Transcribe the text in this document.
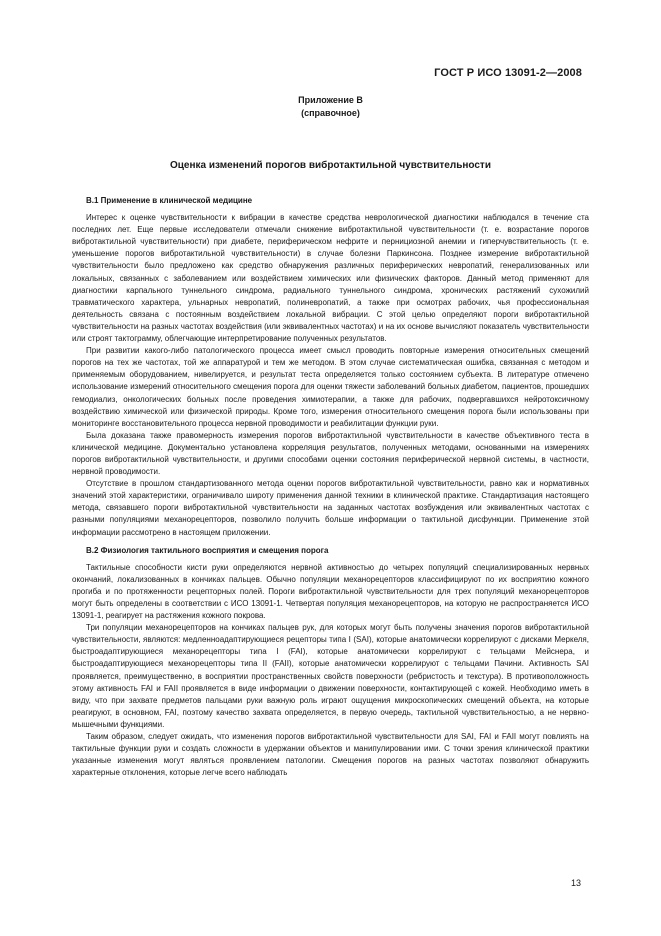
ГОСТ Р ИСО 13091-2—2008
Приложение В
(справочное)
Оценка изменений порогов вибротактильной чувствительности
В.1 Применение в клинической медицине

Интерес к оценке чувствительности к вибрации в качестве средства неврологической диагностики наблюдался в течение ста последних лет. Еще первые исследователи отмечали снижение вибротактильной чувствительности (т. е. возрастание порогов вибротактильной чувствительности) при диабете, периферическом нефрите и пернициозной анемии и гиперчувствительность (т. е. уменьшение порогов вибротактильной чувствительности) в случае болезни Паркинсона. Позднее измерение вибротактильной чувствительности было предложено как средство обнаружения различных периферических невропатий, генерализованных или локальных, связанных с заболеванием или воздействием химических или физических факторов. Данный метод применяют для диагностики карпального туннельного синдрома, радиального туннельного синдрома, хронических растяжений сухожилий травматического характера, ульнарных невропатий, полиневропатий, а также при осмотрах рабочих, чья профессиональная деятельность связана с постоянным воздействием локальной вибрации. С этой целью определяют пороги вибротактильной чувствительности на разных частотах воздействия (или эквивалентных частотах) и на их основе вычисляют показатель чувствительности или строят тактограмму, облегчающие интерпретирование полученных результатов.

При развитии какого-либо патологического процесса имеет смысл проводить повторные измерения относительных смещений порогов на тех же частотах, той же аппаратурой и тем же методом. В этом случае систематическая ошибка, связанная с методом и применяемым оборудованием, нивелируется, и результат теста определяется только состоянием субъекта. В литературе отмечено использование измерений относительного смещения порога для оценки тяжести заболеваний больных диабетом, пациентов, прошедших гемодиализ, онкологических больных после проведения химиотерапии, а также для рабочих, подвергавшихся нейротоксичному воздействию химической или физической природы. Кроме того, измерения относительного смещения порога были использованы при мониторинге восстановительного процесса нервной проводимости и реабилитации функции руки.

Была доказана также правомерность измерения порогов вибротактильной чувствительности в качестве объективного теста в клинической медицине. Документально установлена корреляция результатов, полученных методами, основанными на измерениях порогов вибротактильной чувствительности, и другими способами оценки состояния периферической нервной системы, в частности, нервной проводимости.

Отсутствие в прошлом стандартизованного метода оценки порогов вибротактильной чувствительности, равно как и нормативных значений этой характеристики, ограничивало широту применения данной техники в клинической практике. Стандартизация настоящего метода, связавшего пороги вибротактильной чувствительности на заданных частотах возбуждения или эквивалентных частотах с разными популяциями механорецепторов, позволило получить больше информации о тактильной дисфункции. Применение этой информации рассмотрено в настоящем приложении.

В.2 Физиология тактильного восприятия и смещения порога

Тактильные способности кисти руки определяются нервной активностью до четырех популяций специализированных нервных окончаний, локализованных в кончиках пальцев. Обычно популяции механорецепторов классифицируют по их восприятию кожного прогиба и по протяженности рецепторных полей. Пороги вибротактильной чувствительности для трех популяций механорецепторов могут быть определены в соответствии с ИСО 13091-1. Четвертая популяция механорецепторов, на которую не распространяется ИСО 13091-1, реагирует на растяжения кожного покрова.

Три популяции механорецепторов на кончиках пальцев рук, для которых могут быть получены значения порогов вибротактильной чувствительности, являются: медленноадаптирующиеся рецепторы типа I (SAI), которые анатомически коррелируют с дисками Меркеля, быстроадаптирующиеся механорецепторы типа I (FAI), которые анатомически коррелируют с тельцами Мейснера, и быстроадаптирующиеся механорецепторы типа II (FAII), которые анатомически коррелируют с тельцами Пачини. Активность SAI проявляется, преимущественно, в восприятии пространственных свойств поверхности (ребристость и текстура). В противоположность этому активность FAI и FAII проявляется в виде информации о движении поверхности, контактирующей с кожей. Необходимо иметь в виду, что при захвате предметов пальцами руки важную роль играют ощущения микроскопических смещений объекта, на которые реагируют, в основном, FAI, поэтому качество захвата определяется, в первую очередь, тактильной чувствительностью, а не нервно-мышечными функциями.

Таким образом, следует ожидать, что изменения порогов вибротактильной чувствительности для SAI, FAI и FAII могут повлиять на тактильные функции руки и создать сложности в удержании объектов и манипулировании ими. С точки зрения клинической практики указанные изменения могут являться проявлением патологии. Смещения порогов на разных частотах позволяют обнаружить характерные отклонения, которые легче всего наблюдать

13
